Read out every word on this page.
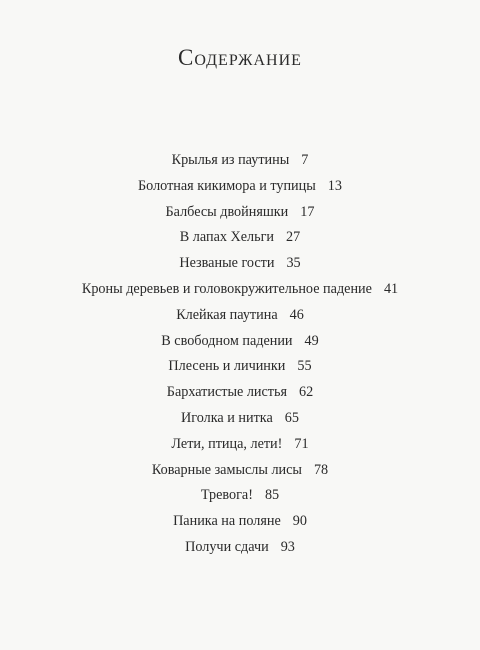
Содержание
Крылья из паутины 7
Болотная кикимора и тупицы 13
Балбесы двойняшки 17
В лапах Хельги 27
Незваные гости 35
Кроны деревьев и головокружительное падение 41
Клейкая паутина 46
В свободном падении 49
Плесень и личинки 55
Бархатистые листья 62
Иголка и нитка 65
Лети, птица, лети! 71
Коварные замыслы лисы 78
Тревога! 85
Паника на поляне 90
Получи сдачи 93
